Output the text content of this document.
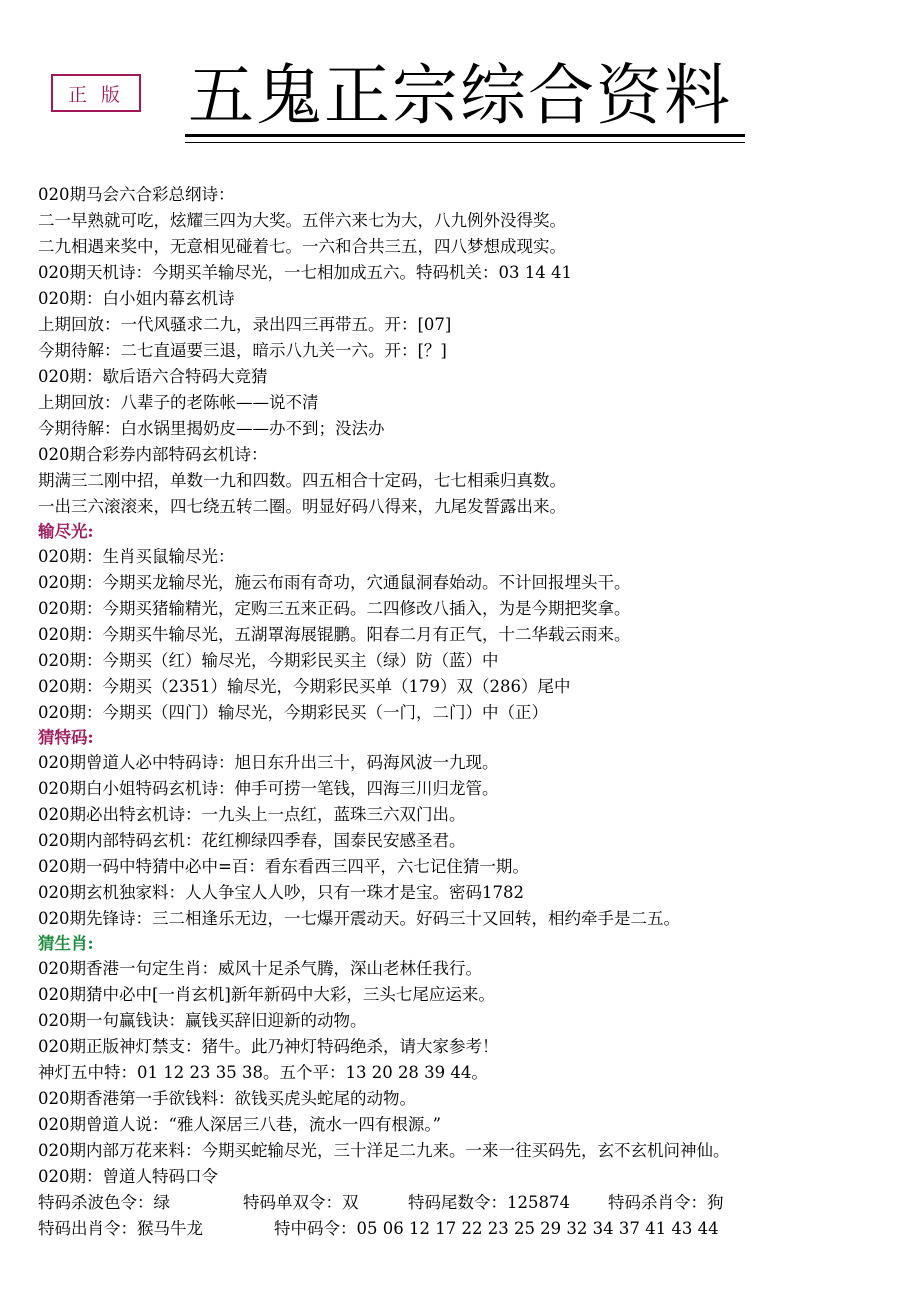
正 版 五鬼正宗综合资料
020期马会六合彩总纲诗：
二一早熟就可吃，炫耀三四为大奖。五伴六来七为大，八九例外没得奖。
二九相遇来奖中，无意相见碰着七。一六和合共三五，四八梦想成现实。
020期天机诗：今期买羊输尽光，一七相加成五六。特码机关：03 14 41
020期：白小姐内幕玄机诗
上期回放：一代风骚求二九，录出四三再带五。开：[07]
今期待解：二七直逼要三退，暗示八九关一六。开：[？]
020期：歇后语六合特码大竞猜
上期回放：八辈子的老陈帐——说不清
今期待解：白水锅里揭奶皮——办不到；没法办
020期合彩券内部特码玄机诗：
期满三二刚中招，单数一九和四数。四五相合十定码，七七相乘归真数。
一出三六滚滚来，四七绕五转二圈。明显好码八得来，九尾发誓露出来。
输尽光:
020期：生肖买鼠输尽光：
020期：今期买龙输尽光，施云布雨有奇功，穴通鼠洞春始动。不计回报埋头干。
020期：今期买猪输精光，定购三五来正码。二四修改八插入，为是今期把奖拿。
020期：今期买牛输尽光，五湖罩海展锟鹏。阳春二月有正气，十二华载云雨来。
020期：今期买（红）输尽光，今期彩民买主（绿）防（蓝）中
020期：今期买（2351）输尽光，今期彩民买单（179）双（286）尾中
020期：今期买（四门）输尽光，今期彩民买（一门，二门）中（正）
猜特码:
020期曾道人必中特码诗：旭日东升出三十，码海风波一九现。
020期白小姐特码玄机诗：伸手可捞一笔钱，四海三川归龙管。
020期必出特玄机诗：一九头上一点红，蓝珠三六双门出。
020期内部特码玄机：花红柳绿四季春，国泰民安感圣君。
020期一码中特猜中必中=百：看东看西三四平，六七记住猜一期。
020期玄机独家料：人人争宝人人吵，只有一珠才是宝。密码1782
020期先锋诗：三二相逢乐无边，一七爆开震动天。好码三十又回转，相约牵手是二五。
猜生肖:
020期香港一句定生肖：威风十足杀气腾，深山老林任我行。
020期猜中必中[一肖玄机]新年新码中大彩，三头七尾应运来。
020期一句赢钱诀：赢钱买辞旧迎新的动物。
020期正版神灯禁支：猪牛。此乃神灯特码绝杀，请大家参考！
神灯五中特：01 12 23 35 38。五个平：13 20 28 39 44。
020期香港第一手欲钱料：欲钱买虎头蛇尾的动物。
020期曾道人说：“雅人深居三八巷，流水一四有根源。”
020期内部万花来料：今期买蛇输尽光，三十洋足二九来。一来一往买码先，玄不玄机问神仙。
020期：曾道人特码口令
特码杀波色令：绿	特码单双令：双	特码尾数令：125874	特码杀肖令：狗
特码出肖令：猴马牛龙	特中码令：05 06 12 17 22 23 25 29 32 34 37 41 43 44
